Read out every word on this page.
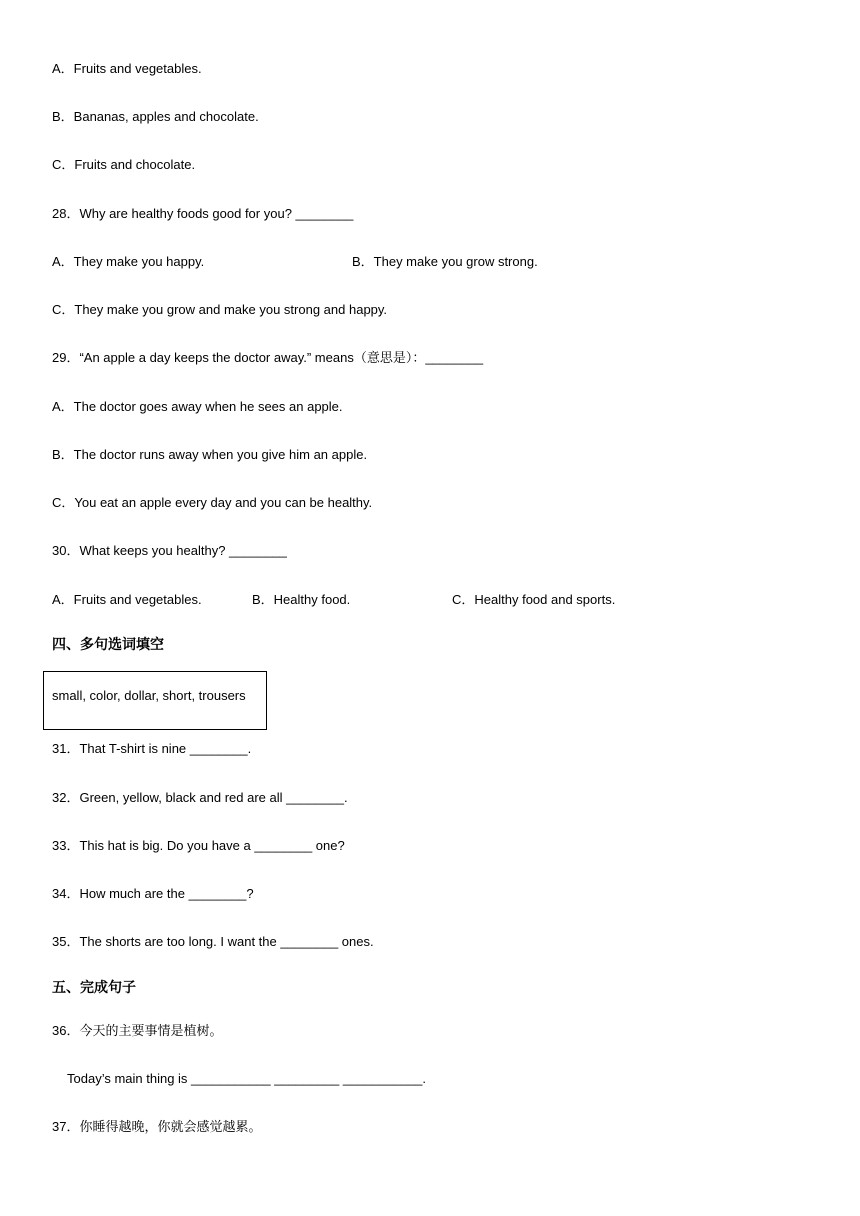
A．Fruits and vegetables.
B．Bananas, apples and chocolate.
C．Fruits and chocolate.
28．Why are healthy foods good for you? ________
A．They make you happy.	B．They make you grow strong.
C．They make you grow and make you strong and happy.
29．“An apple a day keeps the doctor away.” means（意思是）：________
A．The doctor goes away when he sees an apple.
B．The doctor runs away when you give him an apple.
C．You eat an apple every day and you can be healthy.
30．What keeps you healthy? ________
A．Fruits and vegetables.	B．Healthy food.	C．Healthy food and sports.
四、多句选词填空
small, color, dollar, short, trousers
31．That T-shirt is nine ________.
32．Green, yellow, black and red are all ________.
33．This hat is big. Do you have a ________ one?
34．How much are the ________?
35．The shorts are too long. I want the ________ ones.
五、完成句子
36．今天的主要事情是植树。
Today’s main thing is ___________ _________ ___________.
37．你睡得越晚，你就会感觉越累。
